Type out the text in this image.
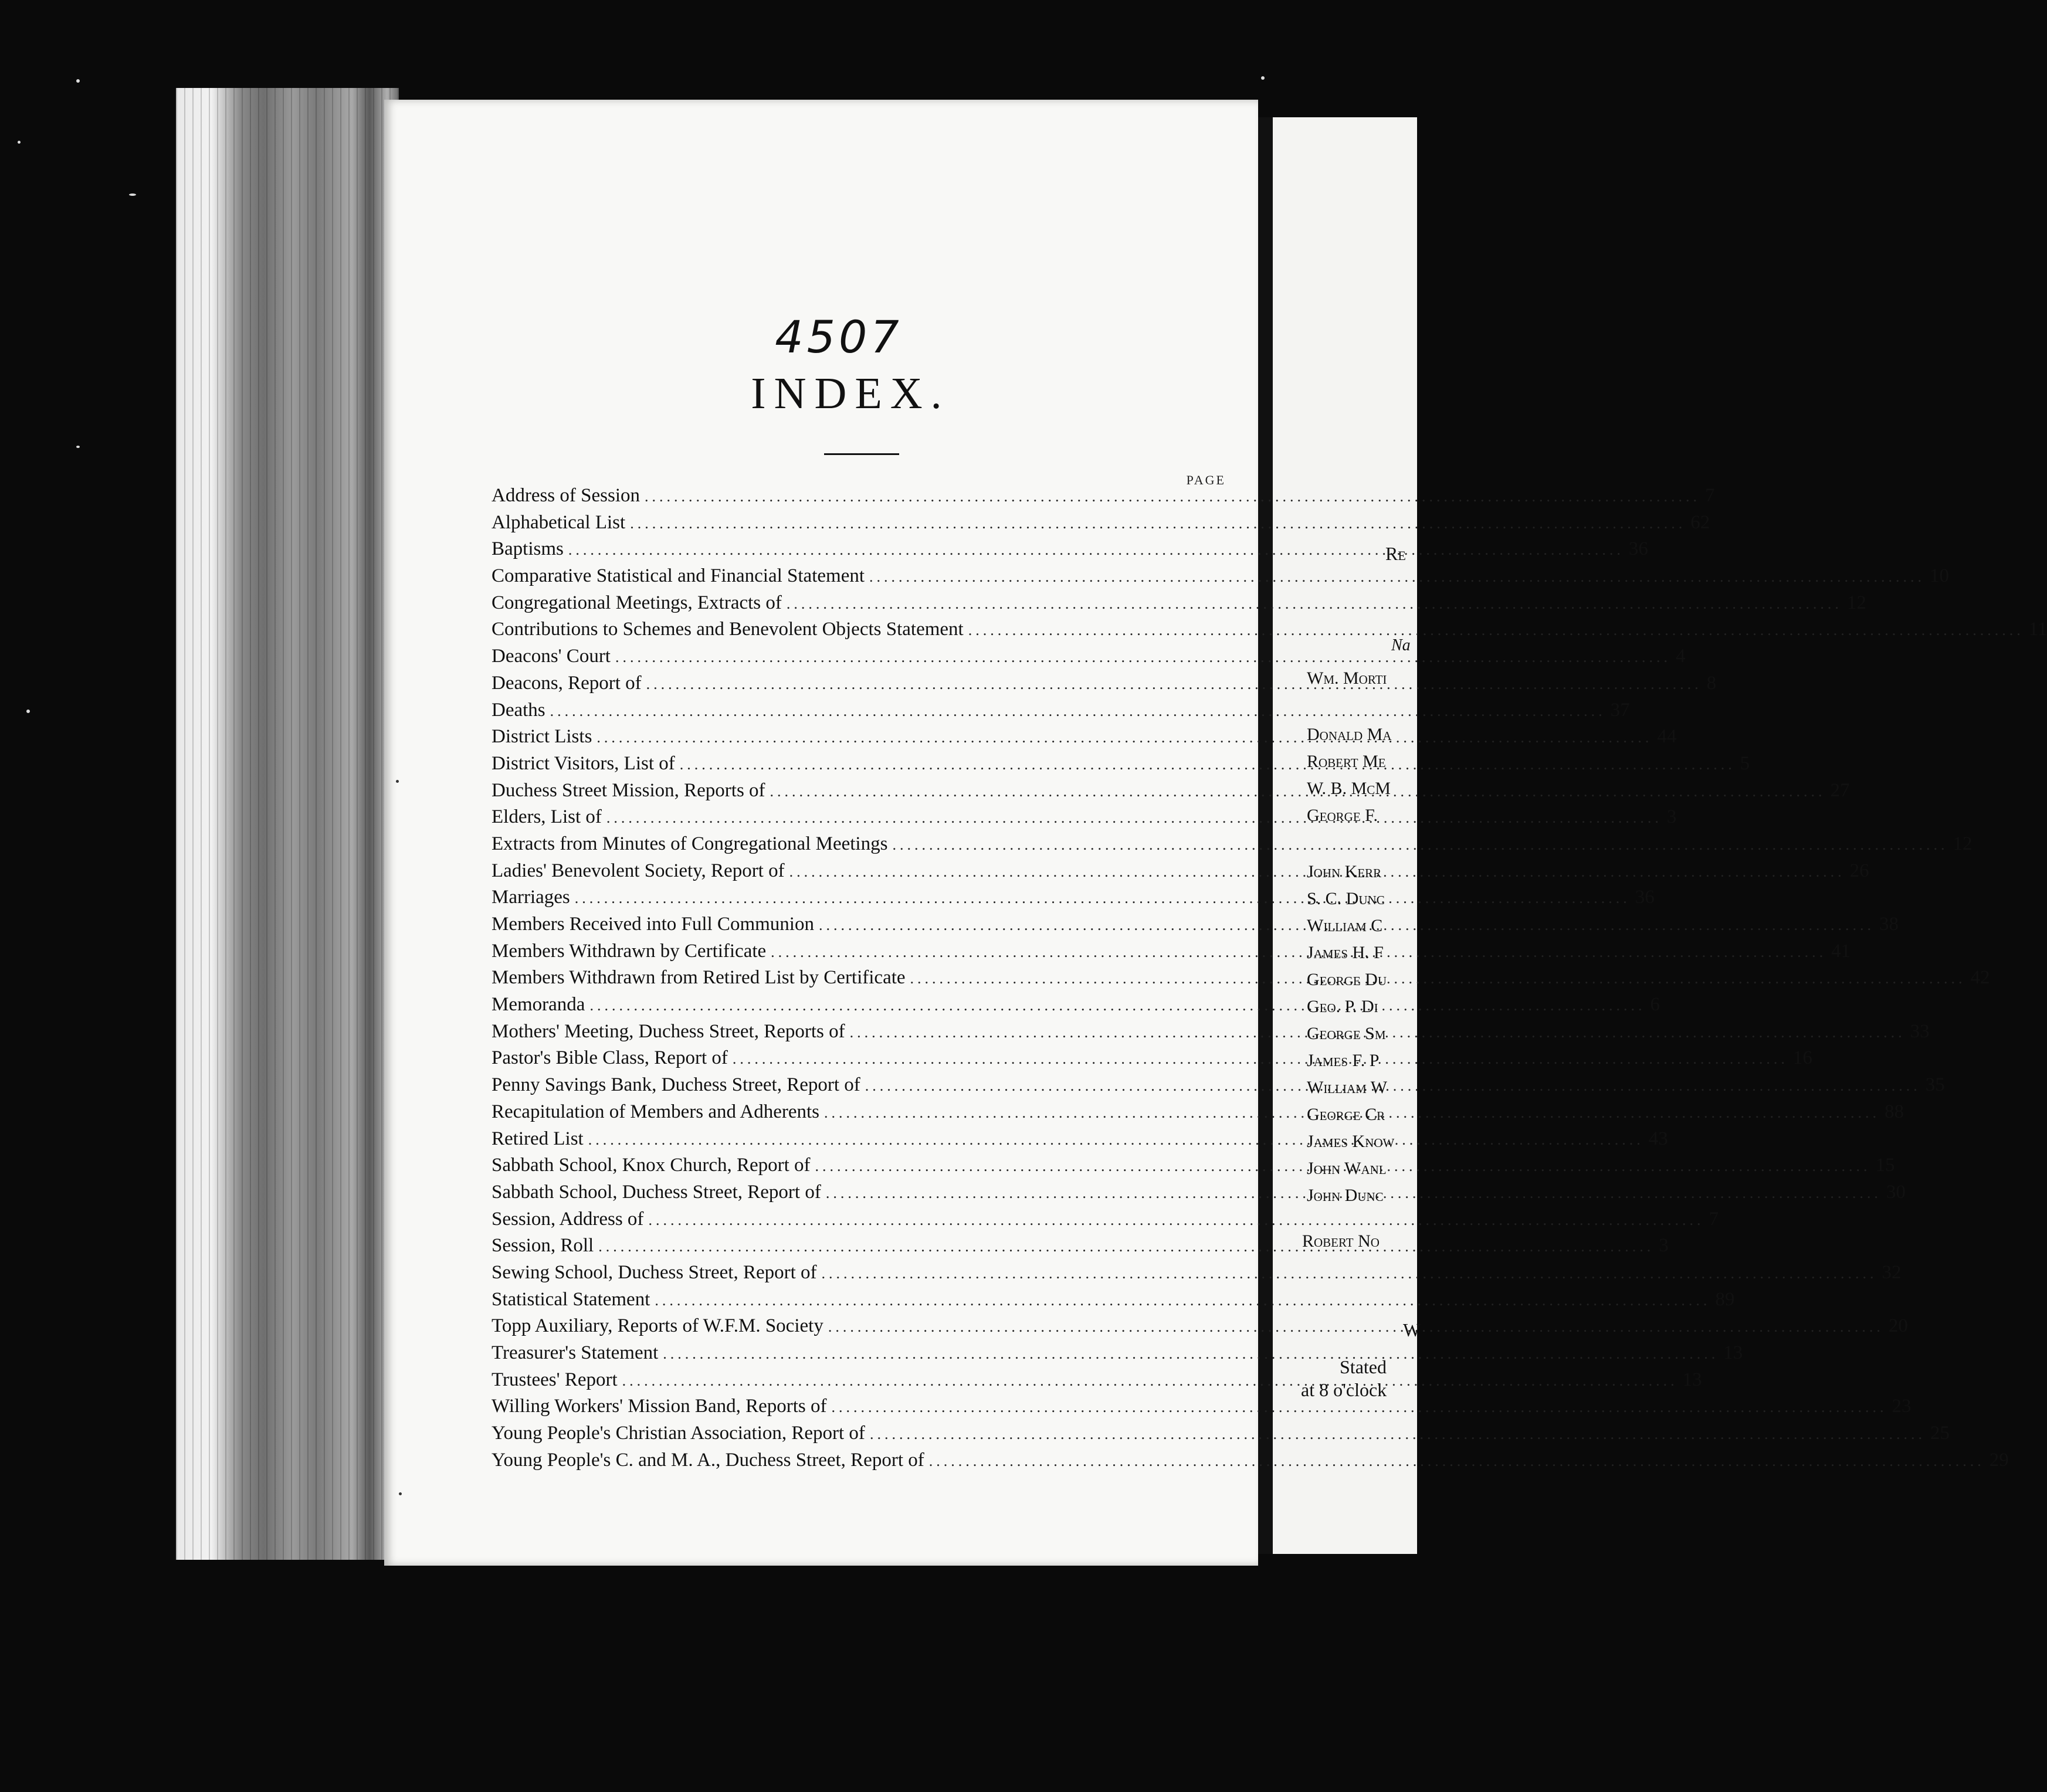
4507
INDEX.
PAGE
Address of Session .....	7
Alphabetical List .....	62
Baptisms .....	36
Comparative Statistical and Financial Statement .....	10
Congregational Meetings, Extracts of .....	12
Contributions to Schemes and Benevolent Objects Statement .....	11
Deacons' Court .....	4
Deacons, Report of .....	8
Deaths .....	37
District Lists .....	44
District Visitors, List of .....	5
Duchess Street Mission, Reports of .....	27
Elders, List of .....	3
Extracts from Minutes of Congregational Meetings .....	12
Ladies' Benevolent Society, Report of .....	26
Marriages .....	36
Members Received into Full Communion .....	38
Members Withdrawn by Certificate .....	41
Members Withdrawn from Retired List by Certificate .....	42
Memoranda .....	6
Mothers' Meeting, Duchess Street, Reports of .....	33
Pastor's Bible Class, Report of .....	16
Penny Savings Bank, Duchess Street, Report of .....	35
Recapitulation of Members and Adherents .....	88
Retired List .....	43
Sabbath School, Knox Church, Report of .....	15
Sabbath School, Duchess Street, Report of .....	30
Session, Address of .....	7
Session, Roll .....	3
Sewing School, Duchess Street, Report of .....	32
Statistical Statement .....	89
Topp Auxiliary, Reports of W.F.M. Society .....	20
Treasurer's Statement .....	13
Trustees' Report .....	13
Willing Workers' Mission Band, Reports of .....	23
Young People's Christian Association, Report of .....	25
Young People's C. and M. A., Duchess Street, Report of .....	29
Re
Na
Wm. Morti
Donald Ma
Robert Me
W. B. McM
George F.
John Kerr
S. C. Dunc
William C
James H. F
George Du
Geo. P. Di
George Sm
James F. P
William W
George Cr
James Know
John Wanl
John Dunc
Robert No
W
Stated
at 8 o'clock
